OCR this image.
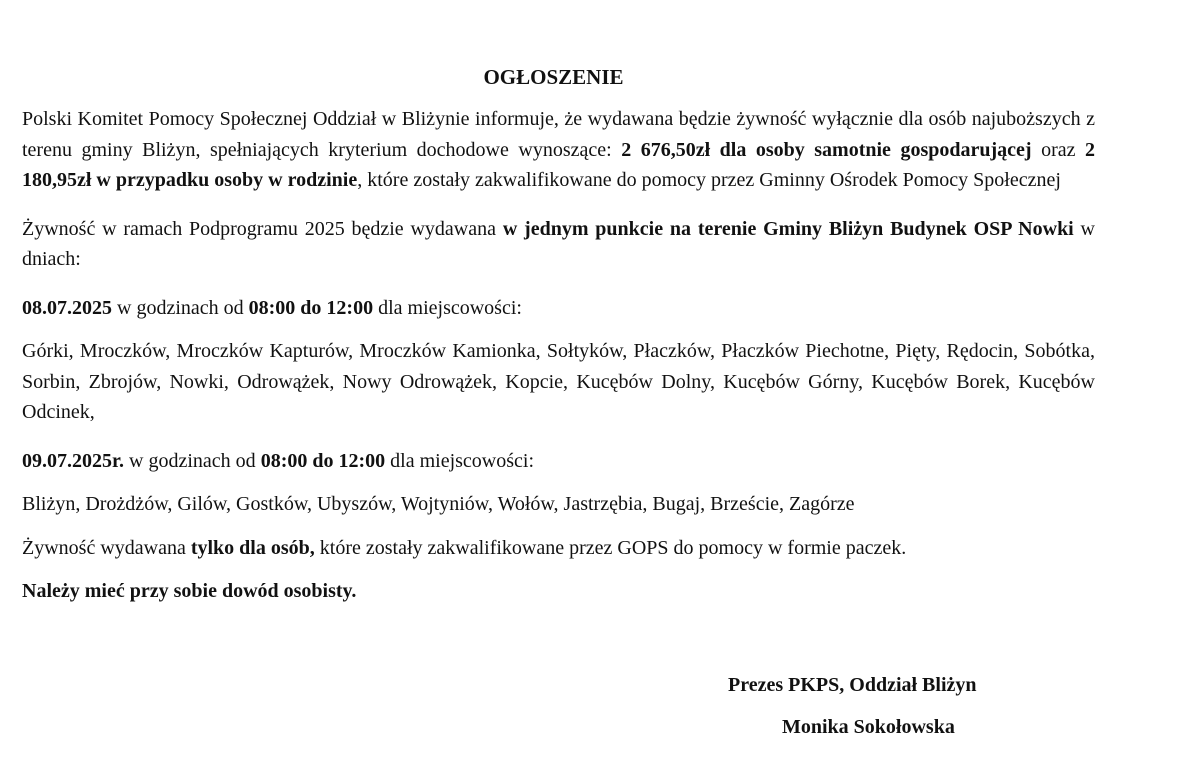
OGŁOSZENIE

Polski Komitet Pomocy Społecznej Oddział w Bliżynie informuje, że wydawana będzie żywność wyłącznie dla osób najuboższych z terenu gminy Bliżyn, spełniających kryterium dochodowe wynoszące: 2 676,50zł dla osoby samotnie gospodarującej oraz 2 180,95zł w przypadku osoby w rodzinie, które zostały zakwalifikowane do pomocy przez Gminny Ośrodek Pomocy Społecznej

Żywność w ramach Podprogramu 2025 będzie wydawana w jednym punkcie na terenie Gminy Bliżyn Budynek OSP Nowki w dniach:

08.07.2025 w godzinach od 08:00 do 12:00 dla miejscowości:

Górki, Mroczków, Mroczków Kapturów, Mroczków Kamionka, Sołtyków, Płaczków, Płaczków Piechotne, Pięty, Rędocin, Sobótka, Sorbin, Zbrojów, Nowki, Odrowążek, Nowy Odrowążek, Kopcie, Kucębów Dolny, Kucębów Górny, Kucębów Borek, Kucębów Odcinek,

09.07.2025r. w godzinach od 08:00 do 12:00 dla miejscowości:

Bliżyn, Drożdżów, Gilów, Gostków, Ubyszów, Wojtyniów, Wołów, Jastrzębia, Bugaj, Brzeście, Zagórze

Żywność wydawana tylko dla osób, które zostały zakwalifikowane przez GOPS do pomocy w formie paczek.

Należy mieć przy sobie dowód osobisty.

Prezes PKPS, Oddział Bliżyn
Monika Sokołowska
